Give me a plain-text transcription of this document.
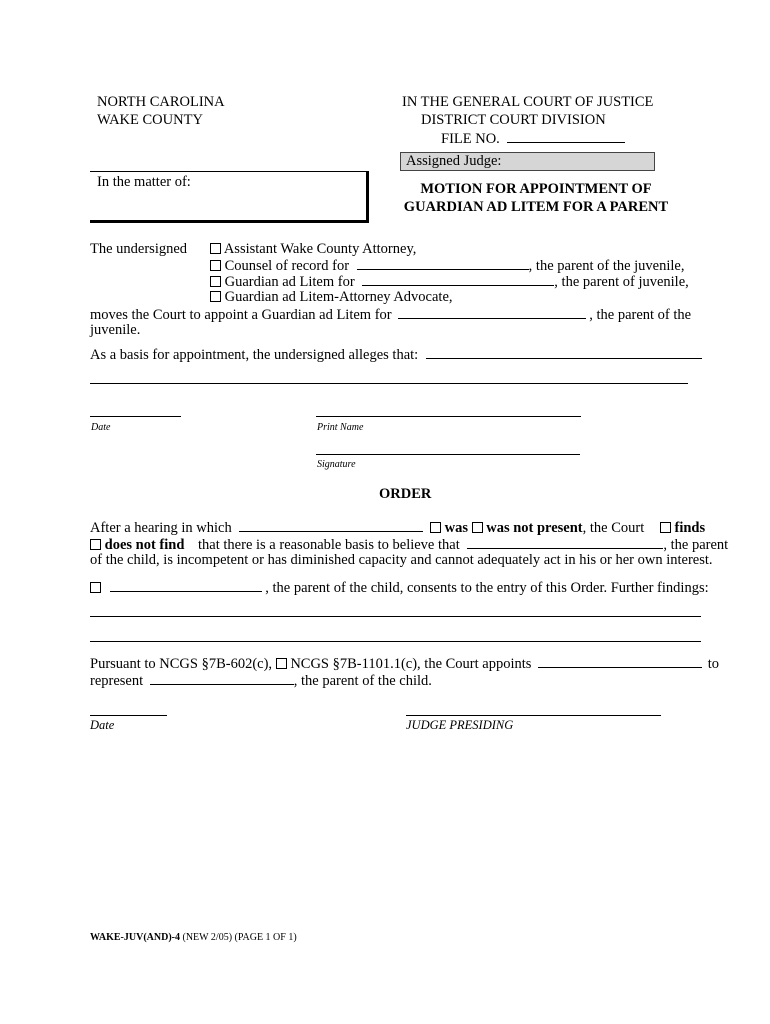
NORTH CAROLINA
WAKE COUNTY
IN THE GENERAL COURT OF JUSTICE
DISTRICT COURT DIVISION
FILE NO.
Assigned Judge:
In the matter of:	MOTION FOR APPOINTMENT OF
GUARDIAN AD LITEM FOR A PARENT
The undersigned	Assistant Wake County Attorney,
Counsel of record for	, the parent of the juvenile,
Guardian ad Litem for	, the parent of juvenile,
Guardian ad Litem-Attorney Advocate,
moves the Court to appoint a Guardian ad Litem for	, the parent of the
juvenile.
As a basis for appointment, the undersigned alleges that:
Date	Print Name
Signature
ORDER
After a hearing in which	was was not present, the Court finds
does not find that there is a reasonable basis to believe that	, the parent
of the child, is incompetent or has diminished capacity and cannot adequately act in his or her own interest.
, the parent of the child, consents to the entry of this Order. Further findings:
Pursuant to NCGS §7B-602(c), NCGS §7B-1101.1(c), the Court appoints	to
represent	, the parent of the child.
Date	JUDGE PRESIDING
WAKE-JUV(AND)-4 (NEW 2/05) (PAGE 1 OF 1)
